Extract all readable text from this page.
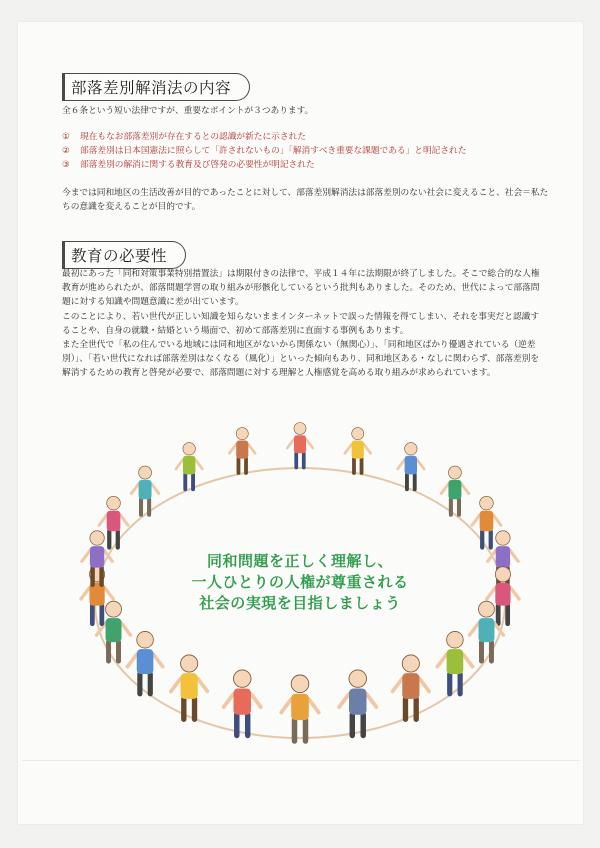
部落差別解消法の内容

全６条という短い法律ですが、重要なポイントが３つあります。

①	現在もなお部落差別が存在するとの認識が新たに示された
②	部落差別は日本国憲法に照らして「許されないもの」「解消すべき重要な課題である」と明記された
③	部落差別の解消に関する教育及び啓発の必要性が明記された

今までは同和地区の生活改善が目的であったことに対して、部落差別解消法は部落差別のない社会に変えること、社会＝私たちの意識を変えることが目的です。

教育の必要性

最初にあった「同和対策事業特別措置法」は期限付きの法律で、平成１４年に法期限が終了しました。そこで総合的な人権教育が進められたが、部落問題学習の取り組みが形骸化しているという批判もありました。そのため、世代によって部落問題に対する知識や問題意識に差が出ています。

このことにより、若い世代が正しい知識を知らないままインターネットで誤った情報を得てしまい、それを事実だと認識することや、自身の就職・結婚という場面で、初めて部落差別に直面する事例もあります。

また全世代で「私の住んでいる地域には同和地区がないから関係ない（無関心）」、「同和地区ばかり優遇されている（逆差別）」、「若い世代になれば部落差別はなくなる（風化）」といった傾向もあり、同和地区ある・なしに関わらず、部落差別を解消するための教育と啓発が必要で、部落問題に対する理解と人権感覚を高める取り組みが求められています。

同和問題を正しく理解し、
一人ひとりの人権が尊重される
社会の実現を目指しましょう
